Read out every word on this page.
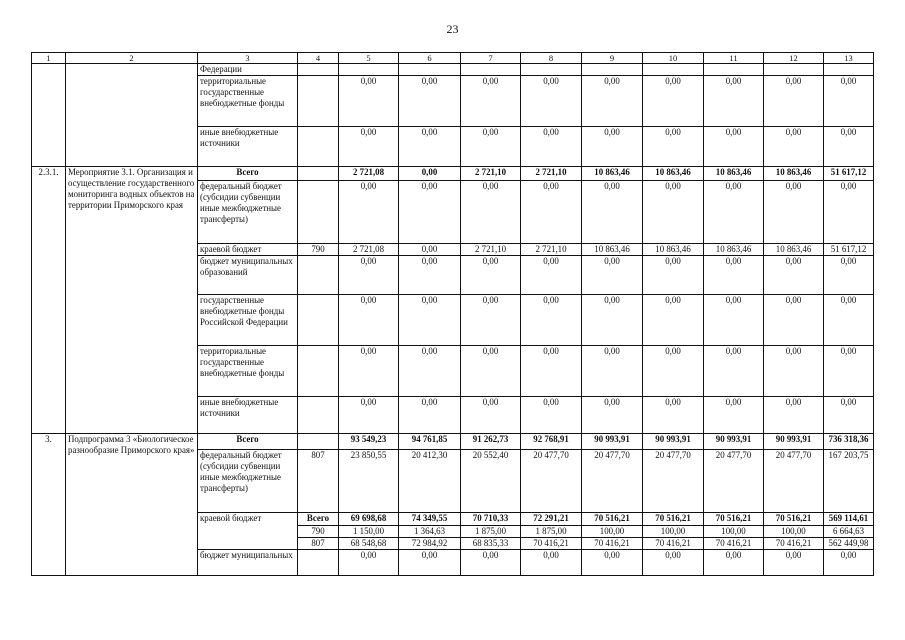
23
1	2	3	4	5	6	7	8	9	10	11	12	13
		Федерации										
		территориальные государственные внебюджетные фонды		0,00	0,00	0,00	0,00	0,00	0,00	0,00	0,00	0,00
		иные внебюджетные источники		0,00	0,00	0,00	0,00	0,00	0,00	0,00	0,00	0,00
2.3.1.	Мероприятие 3.1. Организация и осуществление государственного мониторинга водных объектов на территории Приморского края	Всего		2 721,08	0,00	2 721,10	2 721,10	10 863,46	10 863,46	10 863,46	10 863,46	51 617,12
		федеральный бюджет (субсидии субвенции иные межбюджетные трансферты)		0,00	0,00	0,00	0,00	0,00	0,00	0,00	0,00	0,00
		краевой бюджет	790	2 721,08	0,00	2 721,10	2 721,10	10 863,46	10 863,46	10 863,46	10 863,46	51 617,12
		бюджет муниципальных образований		0,00	0,00	0,00	0,00	0,00	0,00	0,00	0,00	0,00
		государственные внебюджетные фонды Российской Федерации		0,00	0,00	0,00	0,00	0,00	0,00	0,00	0,00	0,00
		территориальные государственные внебюджетные фонды		0,00	0,00	0,00	0,00	0,00	0,00	0,00	0,00	0,00
		иные внебюджетные источники		0,00	0,00	0,00	0,00	0,00	0,00	0,00	0,00	0,00
3.	Подпрограмма 3 «Биологическое разнообразие Приморского края»	Всего		93 549,23	94 761,85	91 262,73	92 768,91	90 993,91	90 993,91	90 993,91	90 993,91	736 318,36
		федеральный бюджет (субсидии субвенции иные межбюджетные трансферты)	807	23 850,55	20 412,30	20 552,40	20 477,70	20 477,70	20 477,70	20 477,70	20 477,70	167 203,75
		краевой бюджет	Всего	69 698,68	74 349,55	70 710,33	72 291,21	70 516,21	70 516,21	70 516,21	70 516,21	569 114,61
			790	1 150,00	1 364,63	1 875,00	1 875,00	100,00	100,00	100,00	100,00	6 664,63
			807	68 548,68	72 984,92	68 835,33	70 416,21	70 416,21	70 416,21	70 416,21	70 416,21	562 449,98
		бюджет муниципальных		0,00	0,00	0,00	0,00	0,00	0,00	0,00	0,00	0,00
